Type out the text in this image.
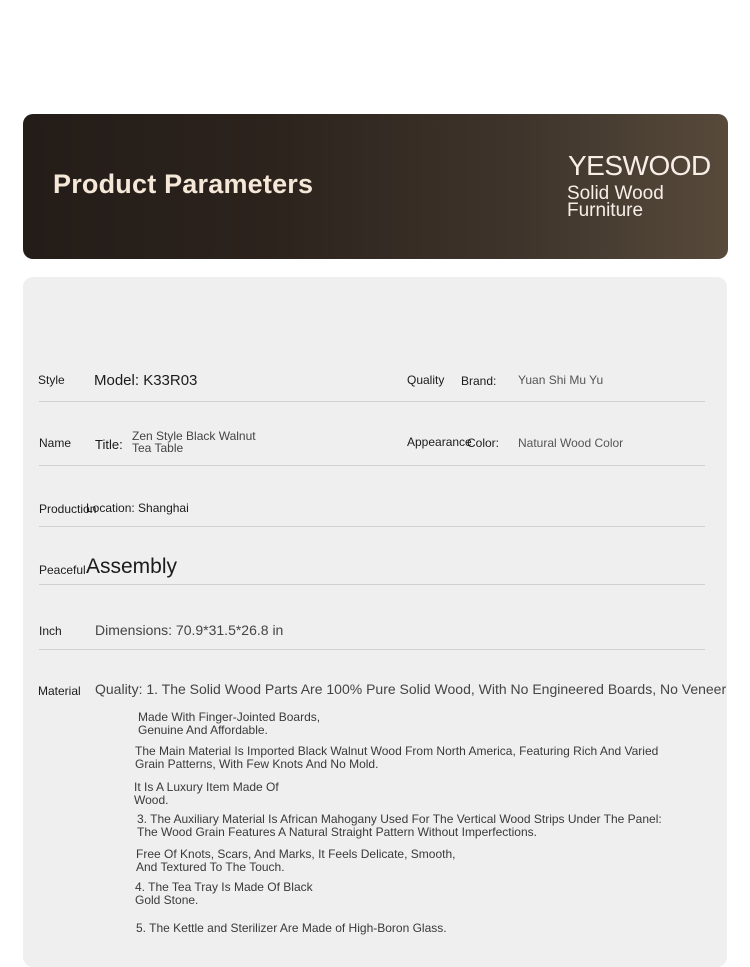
Product Parameters
YESWOOD
Solid Wood
Furniture
Style Model: K33R03	Quality Brand: Yuan Shi Mu Yu
Name Title:
Zen Style Black Walnut
Tea Table	Appearance
Color: Natural Wood Color
Production
Location: Shanghai
Peaceful Assembly
Inch Dimensions: 70.9*31.5*26.8 in
Material Quality: 1. The Solid Wood Parts Are 100% Pure Solid Wood, With No Engineered Boards, No Veneer
Made With Finger-Jointed Boards,
Genuine And Affordable.
The Main Material Is Imported Black Walnut Wood From North America, Featuring Rich And Varied
Grain Patterns, With Few Knots And No Mold.
It Is A Luxury Item Made Of
Wood.
3. The Auxiliary Material Is African Mahogany Used For The Vertical Wood Strips Under The Panel:
The Wood Grain Features A Natural Straight Pattern Without Imperfections.
Free Of Knots, Scars, And Marks, It Feels Delicate, Smooth,
And Textured To The Touch.
4. The Tea Tray Is Made Of Black
Gold Stone.
5. The Kettle and Sterilizer Are Made of High-Boron Glass.
